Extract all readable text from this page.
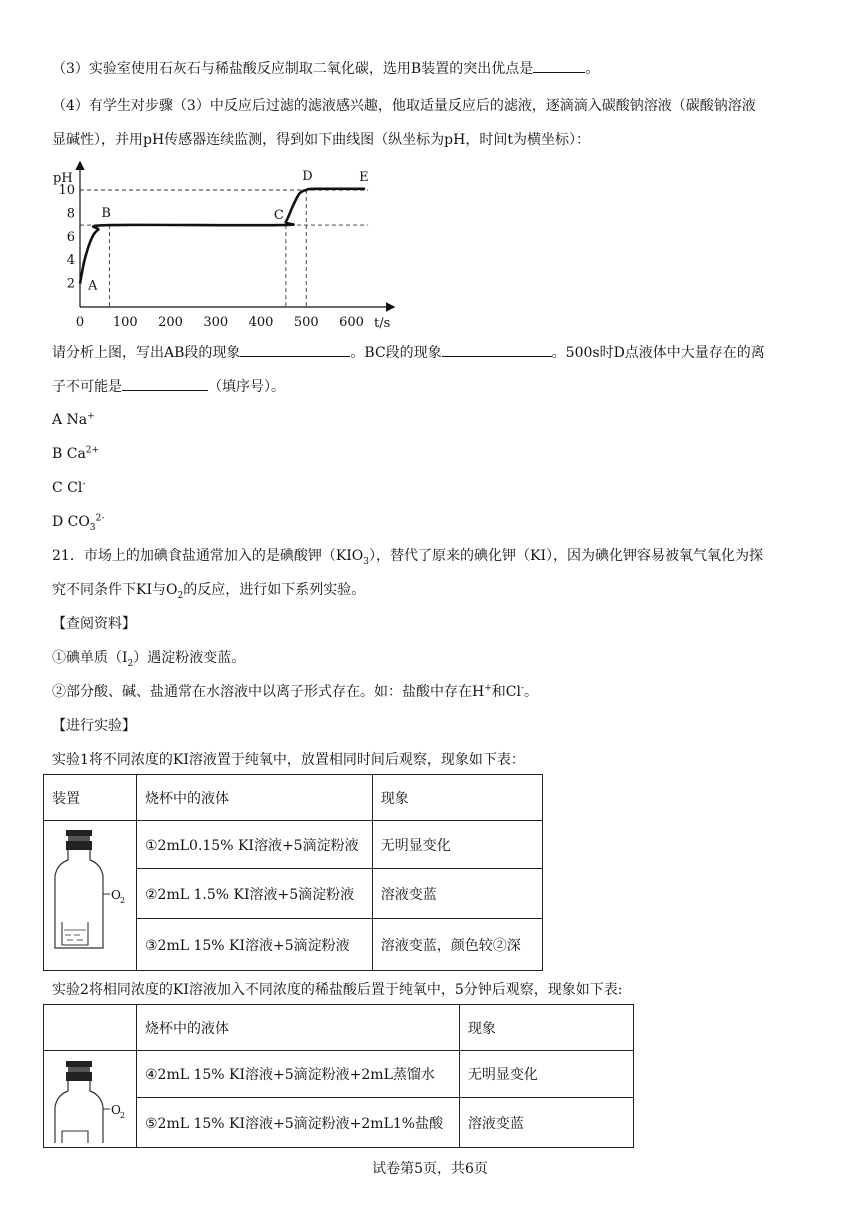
（3）实验室使用石灰石与稀盐酸反应制取二氧化碳，选用B装置的突出优点是	。
（4）有学生对步骤（3）中反应后过滤的滤液感兴趣，他取适量反应后的滤液，逐滴滴入碳酸钠溶液（碳酸钠溶液
显碱性），并用pH传感器连续监测，得到如下曲线图（纵坐标为pH，时间t为横坐标）：
0 100 200 300 400 500 600
2
4
6
8
10
pH
t/s
A
B	C
D	E
请分析上图，写出AB段的现象	。BC段的现象	。500s时D点液体中大量存在的离
子不可能是	（填序号）。
A Na+
B $Ca^{2+}$
C Cl-
D $CO_3^{2-}$
21．市场上的加碘食盐通常加入的是碘酸钾$(KIO_3)$，替代了原来的碘化钾（KI），因为碘化钾容易被氧气氧化为探
究不同条件下KI与$O_2$的反应，进行如下系列实验。
【查阅资料】
①碘单质$(I_2)$遇淀粉液变蓝。
②部分酸、碱、盐通常在水溶液中以离子形式存在。如：盐酸中存在H+和Cl-。
【进行实验】
实验1将不同浓度的KI溶液置于纯氧中，放置相同时间后观察，现象如下表：
装置	烧杯中的液体	现象

O 2	①2mL0.15% KI溶液+5滴淀粉液	无明显变化
	②2mL 1.5% KI溶液+5滴淀粉液	溶液变蓝
	③2mL 15% KI溶液+5滴淀粉液	溶液变蓝，颜色较②深
实验2将相同浓度的KI溶液加入不同浓度的稀盐酸后置于纯氧中，5分钟后观察，现象如下表:
	烧杯中的液体	现象

O 2	④2mL 15% KI溶液+5滴淀粉液+2mL蒸馏水	无明显变化
	⑤2mL 15% KI溶液+5滴淀粉液+2mL1%盐酸	溶液变蓝
试卷第5页，共6页
